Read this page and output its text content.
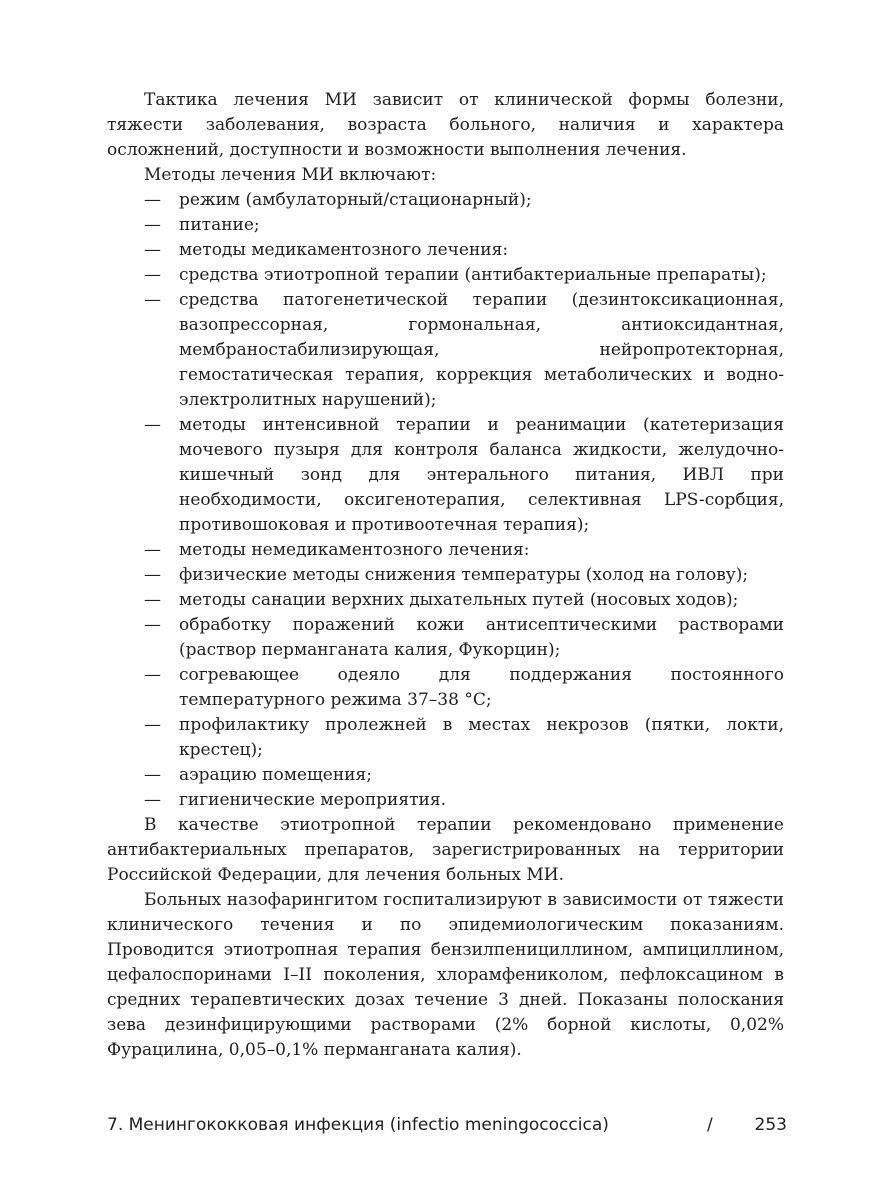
Тактика лечения МИ зависит от клинической формы болезни, тяжести заболевания, возраста больного, наличия и характера осложнений, доступности и возможности выполнения лечения.

Методы лечения МИ включают:

—	режим (амбулаторный/стационарный);
—	питание;
—	методы медикаментозного лечения:
—	средства этиотропной терапии (антибактериальные препараты);
—	средства патогенетической терапии (дезинтоксикационная, вазопрессорная, гормональная, антиоксидантная, мембраностабилизирующая, нейропротекторная, гемостатическая терапия, коррекция метаболических и водно-электролитных нарушений);
—	методы интенсивной терапии и реанимации (катетеризация мочевого пузыря для контроля баланса жидкости, желудочно-кишечный зонд для энтерального питания, ИВЛ при необходимости, оксигенотерапия, селективная LPS-сорбция, противошоковая и противоотечная терапия);
—	методы немедикаментозного лечения:
—	физические методы снижения температуры (холод на голову);
—	методы санации верхних дыхательных путей (носовых ходов);
—	обработку поражений кожи антисептическими растворами (раствор перманганата калия, Фукорцин);
—	согревающее одеяло для поддержания постоянного температурного режима 37–38 °C;
—	профилактику пролежней в местах некрозов (пятки, локти, крестец);
—	аэрацию помещения;
—	гигиенические мероприятия.

В качестве этиотропной терапии рекомендовано применение антибактериальных препаратов, зарегистрированных на территории Российской Федерации, для лечения больных МИ.

Больных назофарингитом госпитализируют в зависимости от тяжести клинического течения и по эпидемиологическим показаниям. Проводится этиотропная терапия бензилпенициллином, ампициллином, цефалоспоринами I–II поколения, хлорамфениколом, пефлоксацином в средних терапевтических дозах течение 3 дней. Показаны полоскания зева дезинфицирующими растворами (2% борной кислоты, 0,02% Фурацилина, 0,05–0,1% перманганата калия).

7. Менингококковая инфекция (infectio meningococcica)	/ 253
